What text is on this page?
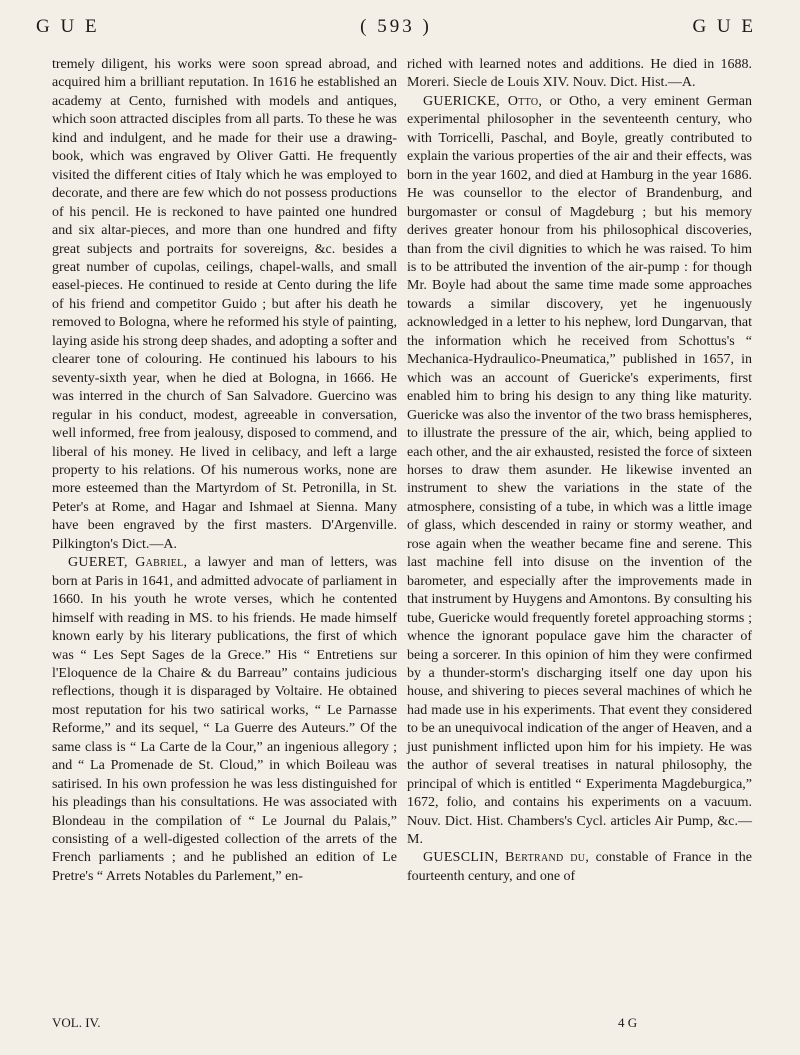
G U E	( 593 )	G U E

tremely diligent, his works were soon spread abroad, and acquired him a brilliant reputation. In 1616 he established an academy at Cento, furnished with models and antiques, which soon attracted disciples from all parts. To these he was kind and indulgent, and he made for their use a drawing-book, which was engraved by Oliver Gatti. He frequently visited the different cities of Italy which he was employed to decorate, and there are few which do not possess productions of his pencil. He is reckoned to have painted one hundred and six altar-pieces, and more than one hundred and fifty great subjects and portraits for sovereigns, &c. besides a great number of cupolas, ceilings, chapel-walls, and small easel-pieces. He continued to reside at Cento during the life of his friend and competitor Guido ; but after his death he removed to Bologna, where he reformed his style of painting, laying aside his strong deep shades, and adopting a softer and clearer tone of colouring. He continued his labours to his seventy-sixth year, when he died at Bologna, in 1666. He was interred in the church of San Salvadore. Guercino was regular in his conduct, modest, agreeable in conversation, well informed, free from jealousy, disposed to commend, and liberal of his money. He lived in celibacy, and left a large property to his relations. Of his numerous works, none are more esteemed than the Martyrdom of St. Petronilla, in St. Peter's at Rome, and Hagar and Ishmael at Sienna. Many have been engraved by the first masters. D'Argenville. Pilkington's Dict.—A.

GUERET, Gabriel, a lawyer and man of letters, was born at Paris in 1641, and admitted advocate of parliament in 1660. In his youth he wrote verses, which he contented himself with reading in MS. to his friends. He made himself known early by his literary publications, the first of which was “ Les Sept Sages de la Grece.” His “ Entretiens sur l'Eloquence de la Chaire & du Barreau” contains judicious reflections, though it is disparaged by Voltaire. He obtained most reputation for his two satirical works, “ Le Parnasse Reforme,” and its sequel, “ La Guerre des Auteurs.” Of the same class is “ La Carte de la Cour,” an ingenious allegory ; and “ La Promenade de St. Cloud,” in which Boileau was satirised. In his own profession he was less distinguished for his pleadings than his consultations. He was associated with Blondeau in the compilation of “ Le Journal du Palais,” consisting of a well-digested collection of the arrets of the French parliaments ; and he published an edition of Le Pretre's “ Arrets Notables du Parlement,” en-

riched with learned notes and additions. He died in 1688. Moreri. Siecle de Louis XIV. Nouv. Dict. Hist.—A.

GUERICKE, Otto, or Otho, a very eminent German experimental philosopher in the seventeenth century, who with Torricelli, Paschal, and Boyle, greatly contributed to explain the various properties of the air and their effects, was born in the year 1602, and died at Hamburg in the year 1686. He was counsellor to the elector of Brandenburg, and burgomaster or consul of Magdeburg ; but his memory derives greater honour from his philosophical discoveries, than from the civil dignities to which he was raised. To him is to be attributed the invention of the air-pump : for though Mr. Boyle had about the same time made some approaches towards a similar discovery, yet he ingenuously acknowledged in a letter to his nephew, lord Dungarvan, that the information which he received from Schottus's “ Mechanica-Hydraulico-Pneumatica,” published in 1657, in which was an account of Guericke's experiments, first enabled him to bring his design to any thing like maturity. Guericke was also the inventor of the two brass hemispheres, to illustrate the pressure of the air, which, being applied to each other, and the air exhausted, resisted the force of sixteen horses to draw them asunder. He likewise invented an instrument to shew the variations in the state of the atmosphere, consisting of a tube, in which was a little image of glass, which descended in rainy or stormy weather, and rose again when the weather became fine and serene. This last machine fell into disuse on the invention of the barometer, and especially after the improvements made in that instrument by Huygens and Amontons. By consulting his tube, Guericke would frequently foretel approaching storms ; whence the ignorant populace gave him the character of being a sorcerer. In this opinion of him they were confirmed by a thunder-storm's discharging itself one day upon his house, and shivering to pieces several machines of which he had made use in his experiments. That event they considered to be an unequivocal indication of the anger of Heaven, and a just punishment inflicted upon him for his impiety. He was the author of several treatises in natural philosophy, the principal of which is entitled “ Experimenta Magdeburgica,” 1672, folio, and contains his experiments on a vacuum. Nouv. Dict. Hist. Chambers's Cycl. articles Air Pump, &c.—M.

GUESCLIN, Bertrand du, constable of France in the fourteenth century, and one of

VOL. IV.	4 G
